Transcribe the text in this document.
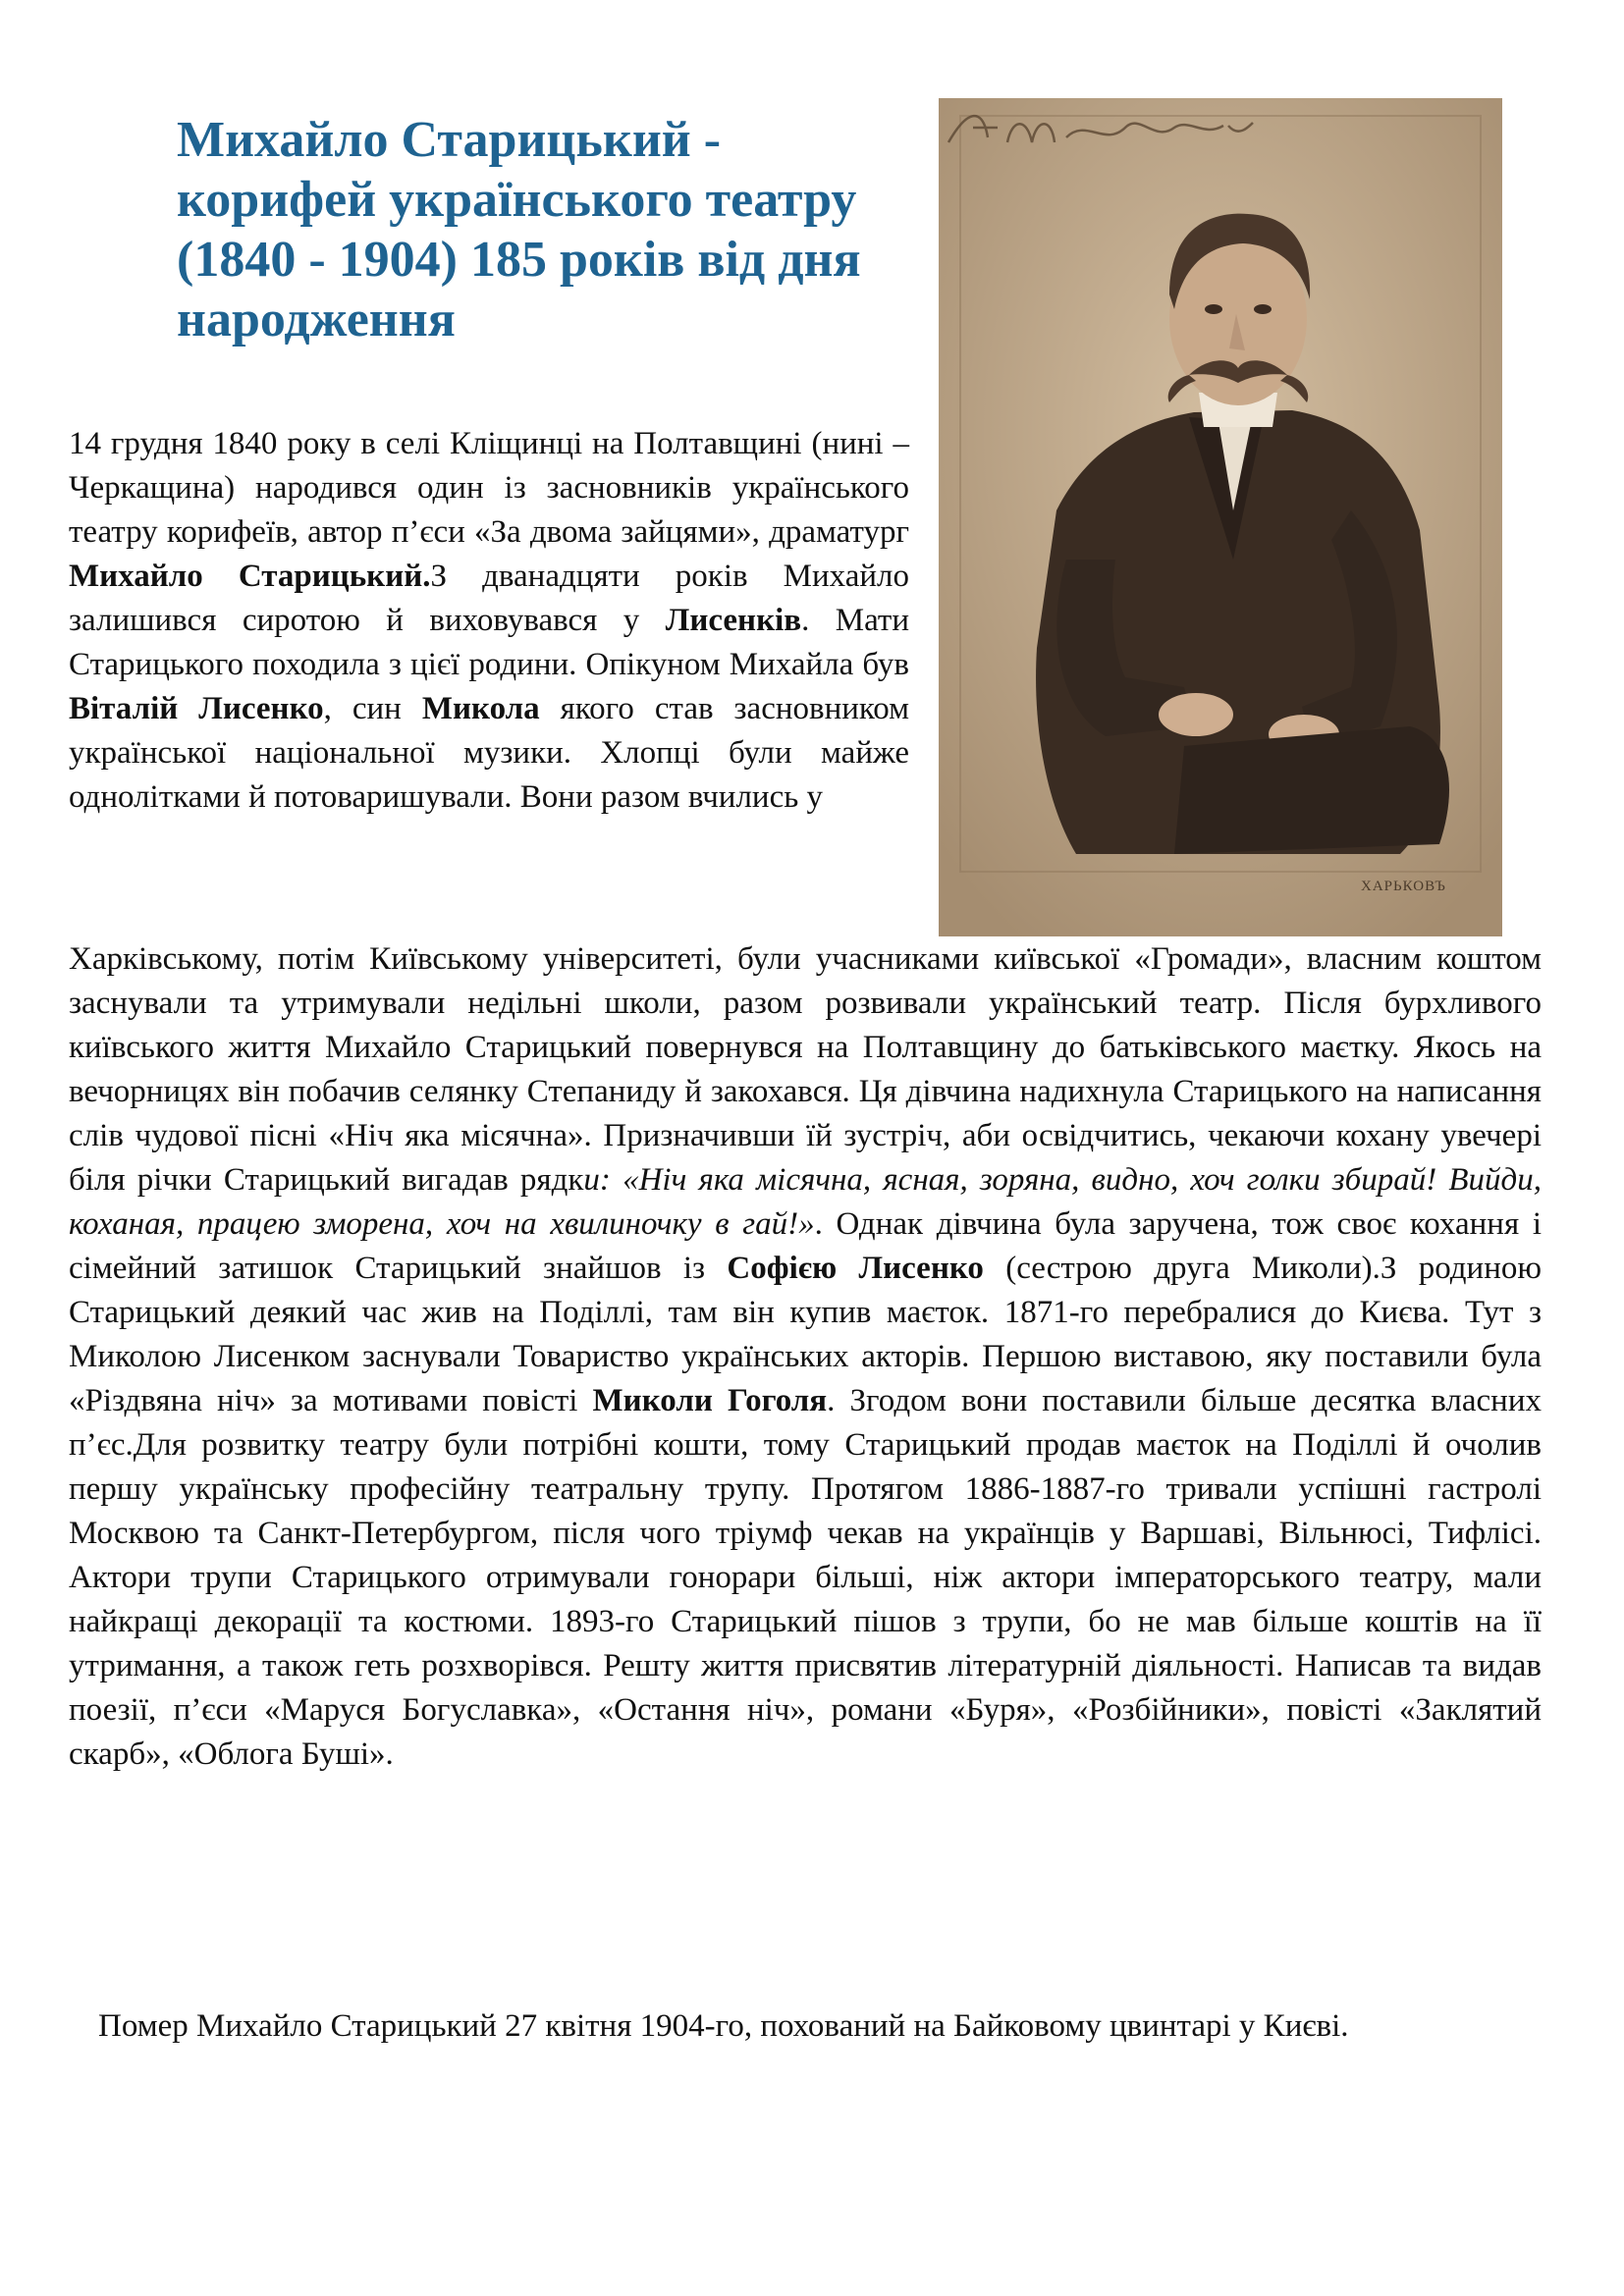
ХАРЬКОВЪ
Михайло Старицький - корифей українського театру (1840 - 1904) 185 років від дня народження

14 грудня 1840 року в селі Кліщинці на Полтавщині (нині – Черкащина) народився один із засновників українського театру корифеїв, автор п’єси «За двома зайцями», драматург Михайло Старицький.З дванадцяти років Михайло залишився сиротою й виховувався у Лисенків. Мати Старицького походила з цієї родини. Опікуном Михайла був Віталій Лисенко, син Микола якого став засновником української національної музики. Хлопці були майже однолітками й потоваришували. Вони разом вчились у

Харківському, потім Київському університеті, були учасниками київської «Громади», власним коштом заснували та утримували недільні школи, разом розвивали український театр. Після бурхливого київського життя Михайло Старицький повернувся на Полтавщину до батьківського маєтку. Якось на вечорницях він побачив селянку Степаниду й закохався. Ця дівчина надихнула Старицького на написання слів чудової пісні «Ніч яка місячна». Призначивши їй зустріч, аби освідчитись, чекаючи кохану увечері біля річки Старицький вигадав рядки: «Ніч яка місячна, ясная, зоряна, видно, хоч голки збирай! Вийди, коханая, працею зморена, хоч на хвилиночку в гай!». Однак дівчина була заручена, тож своє кохання і сімейний затишок Старицький знайшов із Софією Лисенко (сестрою друга Миколи).З родиною Старицький деякий час жив на Поділлі, там він купив маєток. 1871-го перебралися до Києва. Тут з Миколою Лисенком заснували Товариство українських акторів. Першою виставою, яку поставили була «Різдвяна ніч» за мотивами повісті Миколи Гоголя. Згодом вони поставили більше десятка власних п’єс.Для розвитку театру були потрібні кошти, тому Старицький продав маєток на Поділлі й очолив першу українську професійну театральну трупу. Протягом 1886-1887-го тривали успішні гастролі Москвою та Санкт-Петербургом, після чого тріумф чекав на українців у Варшаві, Вільнюсі, Тифлісі. Актори трупи Старицького отримували гонорари більші, ніж актори імператорського театру, мали найкращі декорації та костюми. 1893-го Старицький пішов з трупи, бо не мав більше коштів на її утримання, а також геть розхворівся. Решту життя присвятив літературній діяльності. Написав та видав поезії, п’єси «Маруся Богуславка», «Остання ніч», романи «Буря», «Розбійники», повісті «Заклятий скарб», «Облога Буші».

Помер Михайло Старицький 27 квітня 1904-го, похований на Байковому цвинтарі у Києві.
